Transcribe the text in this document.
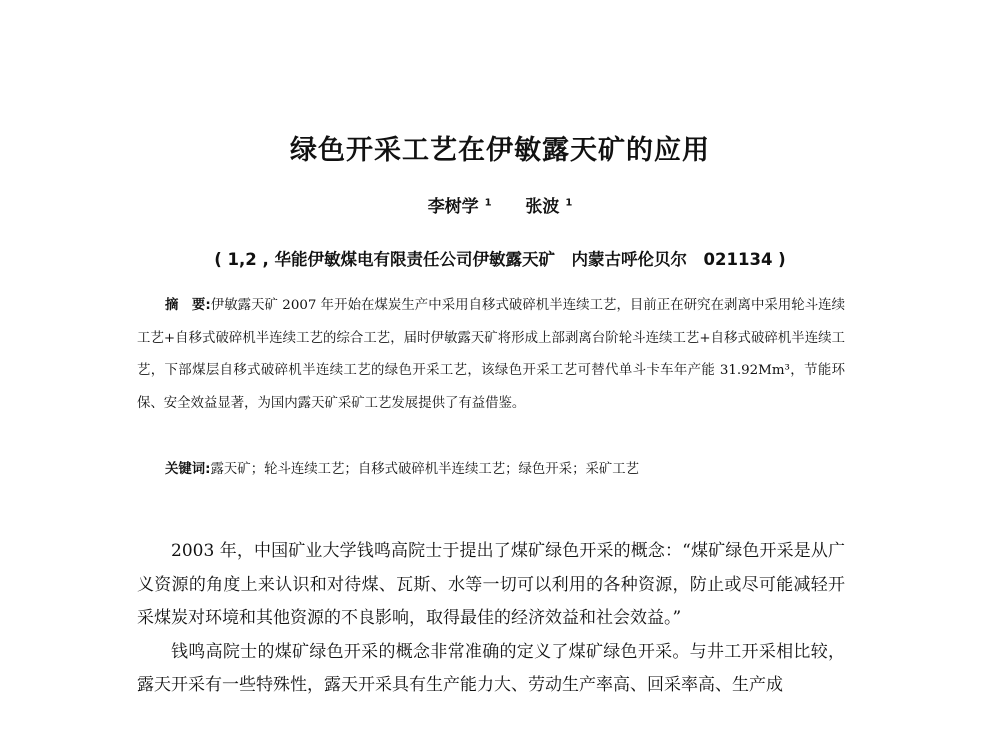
绿色开采工艺在伊敏露天矿的应用
李树学 $^1$ 张波 $^1$
( 1,2 , 华能伊敏煤电有限责任公司伊敏露天矿　内蒙古呼伦贝尔　021134 )

摘　要:伊敏露天矿 2007 年开始在煤炭生产中采用自移式破碎机半连续工艺，目前正在研究在剥离中采用轮斗连续工艺+自移式破碎机半连续工艺的综合工艺，届时伊敏露天矿将形成上部剥离台阶轮斗连续工艺+自移式破碎机半连续工艺，下部煤层自移式破碎机半连续工艺的绿色开采工艺，该绿色开采工艺可替代单斗卡车年产能 31.92Mm³，节能环保、安全效益显著，为国内露天矿采矿工艺发展提供了有益借鉴。

关键词:露天矿；轮斗连续工艺；自移式破碎机半连续工艺；绿色开采；采矿工艺

2003 年，中国矿业大学钱鸣高院士于提出了煤矿绿色开采的概念：“煤矿绿色开采是从广义资源的角度上来认识和对待煤、瓦斯、水等一切可以利用的各种资源，防止或尽可能减轻开采煤炭对环境和其他资源的不良影响，取得最佳的经济效益和社会效益。”

钱鸣高院士的煤矿绿色开采的概念非常准确的定义了煤矿绿色开采。与井工开采相比较，露天开采有一些特殊性，露天开采具有生产能力大、劳动生产率高、回采率高、生产成
